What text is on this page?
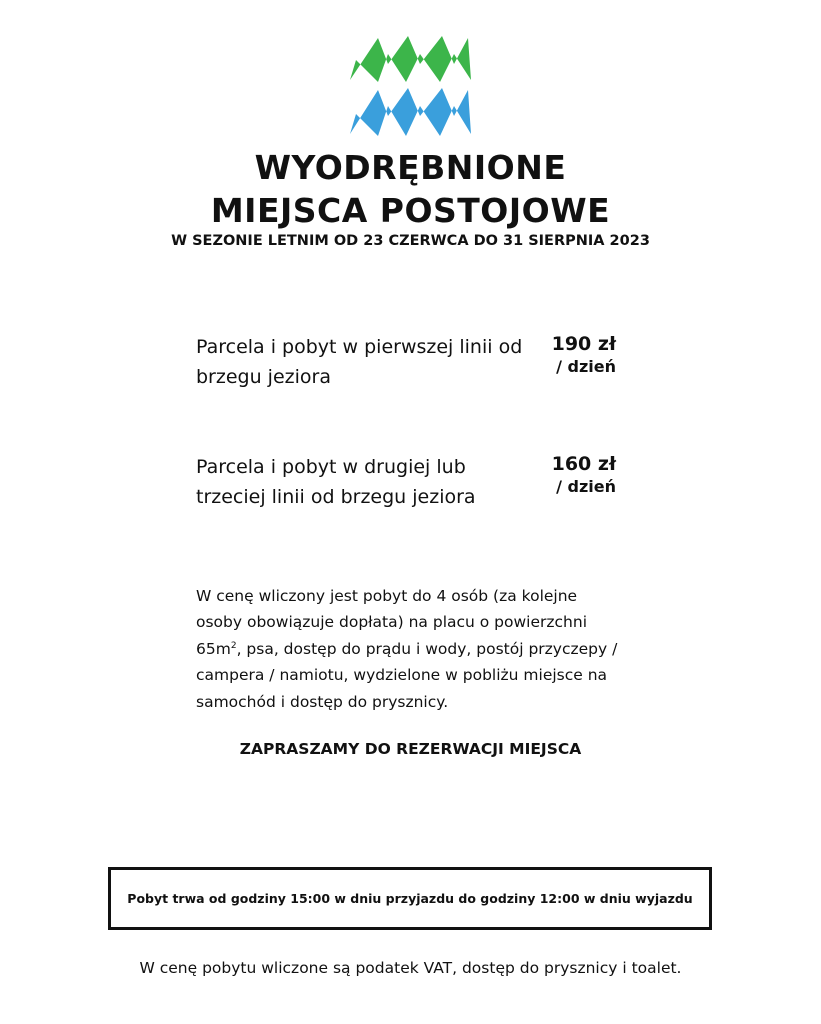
WYODRĘBNIONE
MIEJSCA POSTOJOWE
W SEZONIE LETNIM OD 23 CZERWCA DO 31 SIERPNIA 2023
Parcela i pobyt w pierwszej linii od brzegu jeziora
190 zł
/ dzień
Parcela i pobyt w drugiej lub trzeciej linii od brzegu jeziora
160 zł
/ dzień

W cenę wliczony jest pobyt do 4 osób (za kolejne osoby obowiązuje dopłata) na placu o powierzchni $65m^2$, psa, dostęp do prądu i wody, postój przyczepy / campera / namiotu, wydzielone w pobliżu miejsce na samochód i dostęp do prysznicy.

ZAPRASZAMY DO REZERWACJI MIEJSCA
Pobyt trwa od godziny 15:00 w dniu przyjazdu do godziny 12:00 w dniu wyjazdu
W cenę pobytu wliczone są podatek VAT, dostęp do prysznicy i toalet.
